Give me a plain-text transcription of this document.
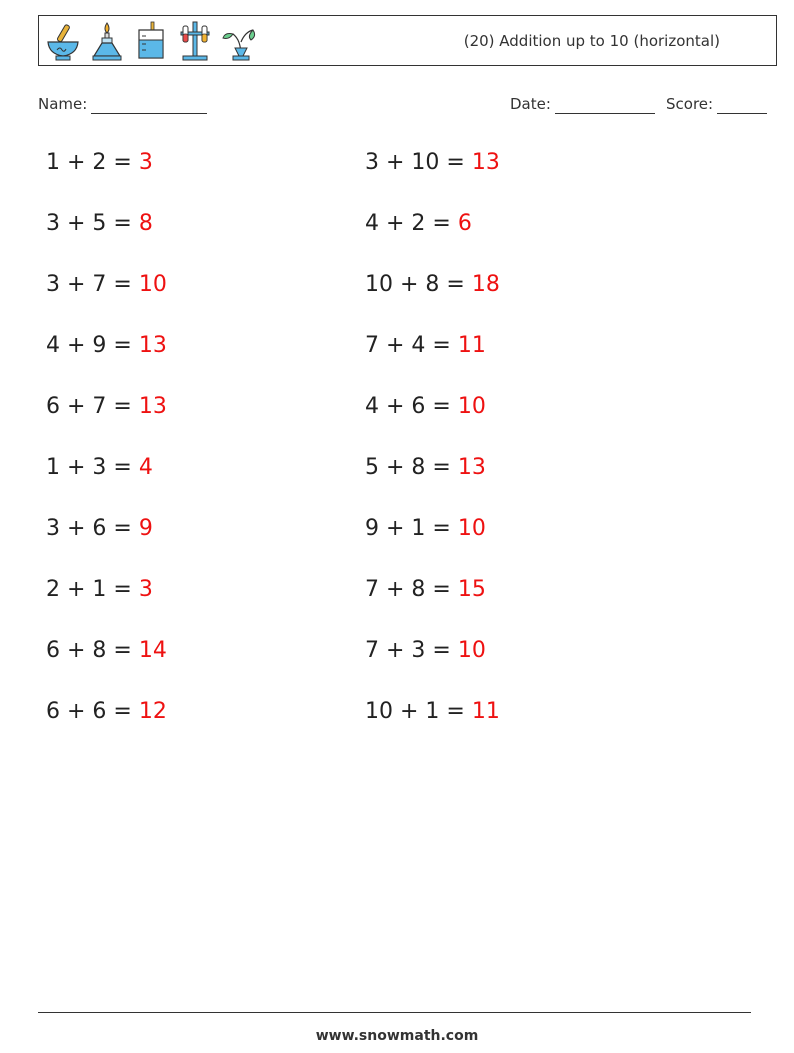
(20) Addition up to 10 (horizontal)
Name:	Date:	Score:
1 + 2 = 3	3 + 10 = 13
3 + 5 = 8	4 + 2 = 6
3 + 7 = 10	10 + 8 = 18
4 + 9 = 13	7 + 4 = 11
6 + 7 = 13	4 + 6 = 10
1 + 3 = 4	5 + 8 = 13
3 + 6 = 9	9 + 1 = 10
2 + 1 = 3	7 + 8 = 15
6 + 8 = 14	7 + 3 = 10
6 + 6 = 12	10 + 1 = 11
www.snowmath.com
